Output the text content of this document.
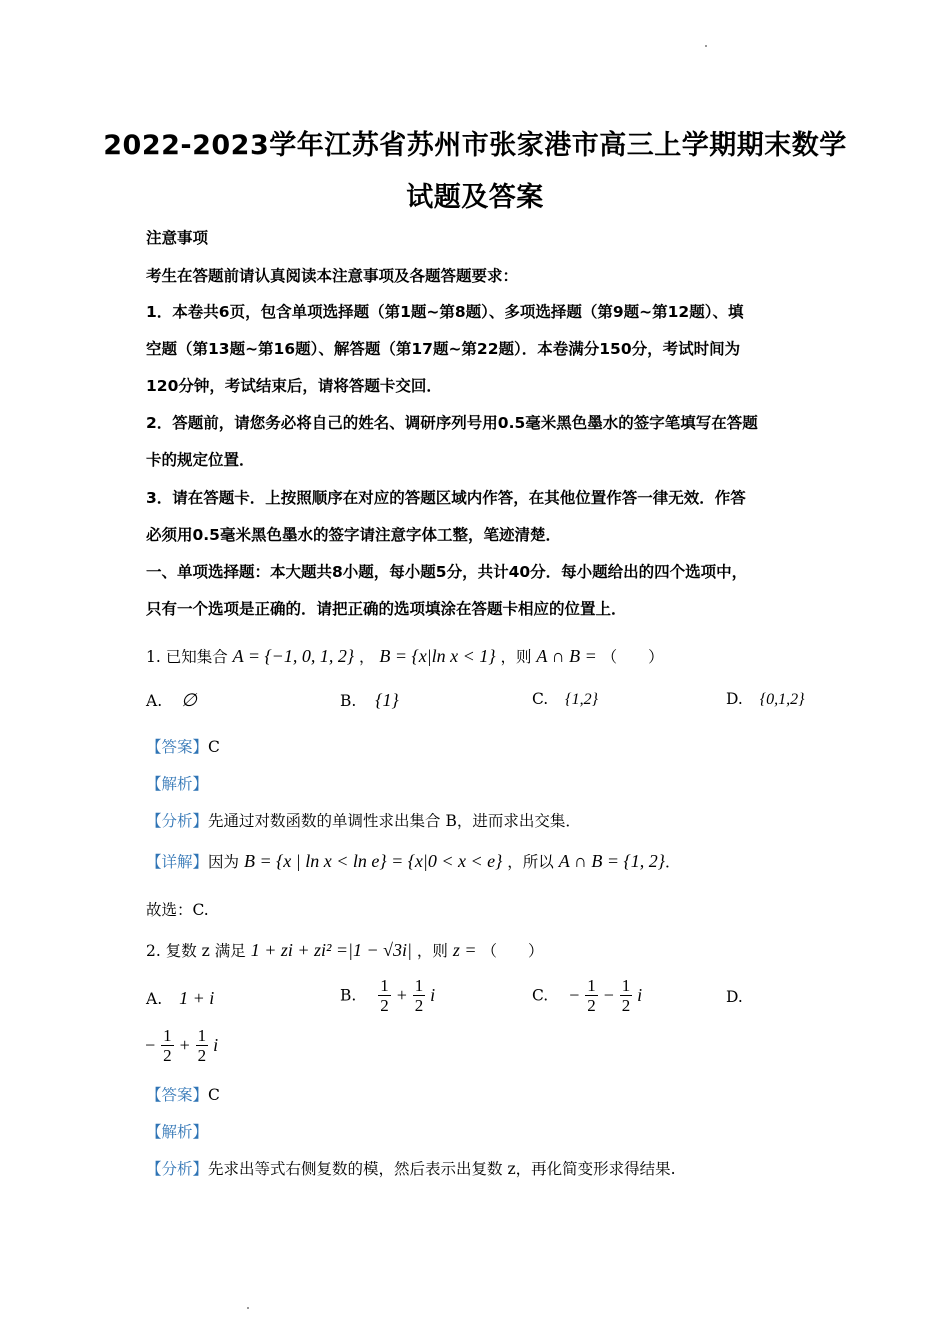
2022-2023学年江苏省苏州市张家港市高三上学期期末数学
试题及答案
注意事项
考生在答题前请认真阅读本注意事项及各题答题要求：
1．本卷共6页，包含单项选择题（第1题~第8题）、多项选择题（第9题~第12题）、填
空题（第13题~第16题）、解答题（第17题~第22题）．本卷满分150分，考试时间为
120分钟，考试结束后，请将答题卡交回．
2．答题前，请您务必将自己的姓名、调研序列号用0.5毫米黑色墨水的签字笔填写在答题
卡的规定位置．
3．请在答题卡．上按照顺序在对应的答题区域内作答，在其他位置作答一律无效．作答
必须用0.5毫米黑色墨水的签字请注意字体工整，笔迹清楚．
一、单项选择题：本大题共8小题，每小题5分，共计40分．每小题给出的四个选项中，
只有一个选项是正确的．请把正确的选项填涂在答题卡相应的位置上．
1. 已知集合 A = {−1, 0, 1, 2} ， B = {x|ln x < 1} ，则 A ∩ B = （　　）
A. ∅	B. {1}	C. {1,2}	D. {0,1,2}
【答案】C
【解析】
【分析】先通过对数函数的单调性求出集合 B，进而求出交集．
【详解】因为 B = {x | ln x < ln e} = {x|0 < x < e} ，所以 A ∩ B = {1, 2}．
故选：C.
2. 复数 z 满足 1 + zi + zi² =|1 − √3i| ，则 z = （　　）
A. 1 + i	B. $\frac{1}{2} + \frac{1}{2}$ i	C. − $\frac{1}{2} - \frac{1}{2}$ i	D.
− $\frac{1}{2} + \frac{1}{2}$ i
【答案】C
【解析】
【分析】先求出等式右侧复数的模，然后表示出复数 z，再化简变形求得结果.
